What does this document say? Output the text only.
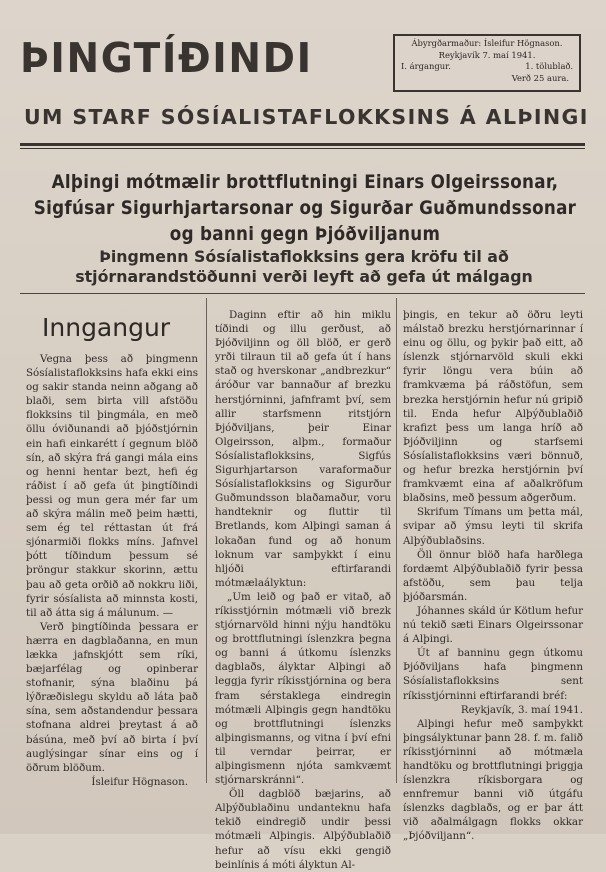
ÞINGTÍÐINDI	Ábyrgðarmaður: Ísleifur Högnason.
Reykjavík 7. maí 1941.
I. árgangur.	1. tölublað.
Verð 25 aura.
UM STARF SÓSÍALISTAFLOKKSINS Á ALÞINGI
Alþingi mótmælir brottflutningi Einars Olgeirssonar, Sigfúsar Sigurhjartarsonar og Sigurðar Guðmundssonar og banni gegn Þjóðviljanum
Þingmenn Sósíalistaflokksins gera kröfu til að stjórnarandstöðunni verði leyft að gefa út málgagn
Inngangur

Vegna þess að þingmenn Sósíalistaflokksins hafa ekki eins og sakir standa neinn aðgang að blaði, sem birta vill afstöðu flokksins til þingmála, en með öllu óviðunandi að þjóðstjórnin ein hafi einkarétt í gegnum blöð sín, að skýra frá gangi mála eins og henni hentar bezt, hefi ég ráðist í að gefa út þingtíðindi þessi og mun gera mér far um að skýra málin með þeim hætti, sem ég tel réttastan út frá sjónarmiði flokks míns. Jafnvel þótt tíðindum þessum sé þröngur stakkur skorinn, ættu þau að geta orðið að nokkru liði, fyrir sósíalista að minnsta kosti, til að átta sig á málunum. —

Verð þingtíðinda þessara er hærra en dagblaðanna, en mun lækka jafnskjótt sem ríki, bæjarfélag og opinberar stofnanir, sýna blaðinu þá lýðræðislegu skyldu að láta það sína, sem aðstandendur þessara stofnana aldrei þreytast á að básúna, með því að birta í því auglýsingar sínar eins og í öðrum blöðum.

Ísleifur Högnason.

Daginn eftir að hin miklu tíðindi og illu gerðust, að Þjóðviljinn og öll blöð, er gerð yrði tilraun til að gefa út í hans stað og hverskonar „andbrezkur“ áróður var bannaður af brezku herstjórninni, jafnframt því, sem allir starfsmenn ritstjórn Þjóðviljans, þeir Einar Olgeirsson, alþm., formaður Sósíalistaflokksins, Sigfús Sigurhjartarson varaformaður Sósíalistaflokksins og Sigurður Guðmundsson blaðamaður, voru handteknir og fluttir til Bretlands, kom Alþingi saman á lokaðan fund og að honum loknum var samþykkt í einu hljóði eftirfarandi mótmælaályktun:

„Um leið og það er vitað, að ríkisstjórnin mótmæli við brezk stjórnarvöld hinni nýju handtöku og brottflutningi íslenzkra þegna og banni á útkomu íslenzks dagblaðs, ályktar Alþingi að leggja fyrir ríkisstjórnina og bera fram sérstaklega eindregin mótmæli Alþingis gegn handtöku og brottflutningi íslenzks alþingismanns, og vitna í því efni til verndar þeirrar, er alþingismenn njóta samkvæmt stjórnarskránni“.

Öll dagblöð bæjarins, að Alþýðublaðinu undanteknu hafa tekið eindregið undir þessi mótmæli Alþingis. Alþýðublaðið hefur að vísu ekki gengið beinlínis á móti ályktun Al-

þingis, en tekur að öðru leyti málstað brezku herstjórnarinnar í einu og öllu, og þykir það eitt, að íslenzk stjórnarvöld skuli ekki fyrir löngu vera búin að framkvæma þá ráðstöfun, sem brezka herstjórnin hefur nú gripið til. Enda hefur Alþýðublaðið krafizt þess um langa hríð að Þjóðviljinn og starfsemi Sósíalistaflokksins væri bönnuð, og hefur brezka herstjórnin því framkvæmt eina af aðalkröfum blaðsins, með þessum aðgerðum.

Skrifum Tímans um þetta mál, svipar að ýmsu leyti til skrifa Alþýðublaðsins.

Öll önnur blöð hafa harðlega fordæmt Alþýðublaðið fyrir þessa afstöðu, sem þau telja þjóðarsmán.

Jóhannes skáld úr Kötlum hefur nú tekið sæti Einars Olgeirssonar á Alþingi.

Út af banninu gegn útkomu Þjóðviljans hafa þingmenn Sósíalistaflokksins sent ríkisstjórninni eftirfarandi bréf:

Reykjavík, 3. maí 1941.

Alþingi hefur með samþykkt þingsályktunar þann 28. f. m. falið ríkisstjórninni að mótmæla handtöku og brottflutningi þriggja íslenzkra ríkisborgara og ennfremur banni við útgáfu íslenzks dagblaðs, og er þar átt við aðalmálgagn flokks okkar „Þjóðviljann“.
